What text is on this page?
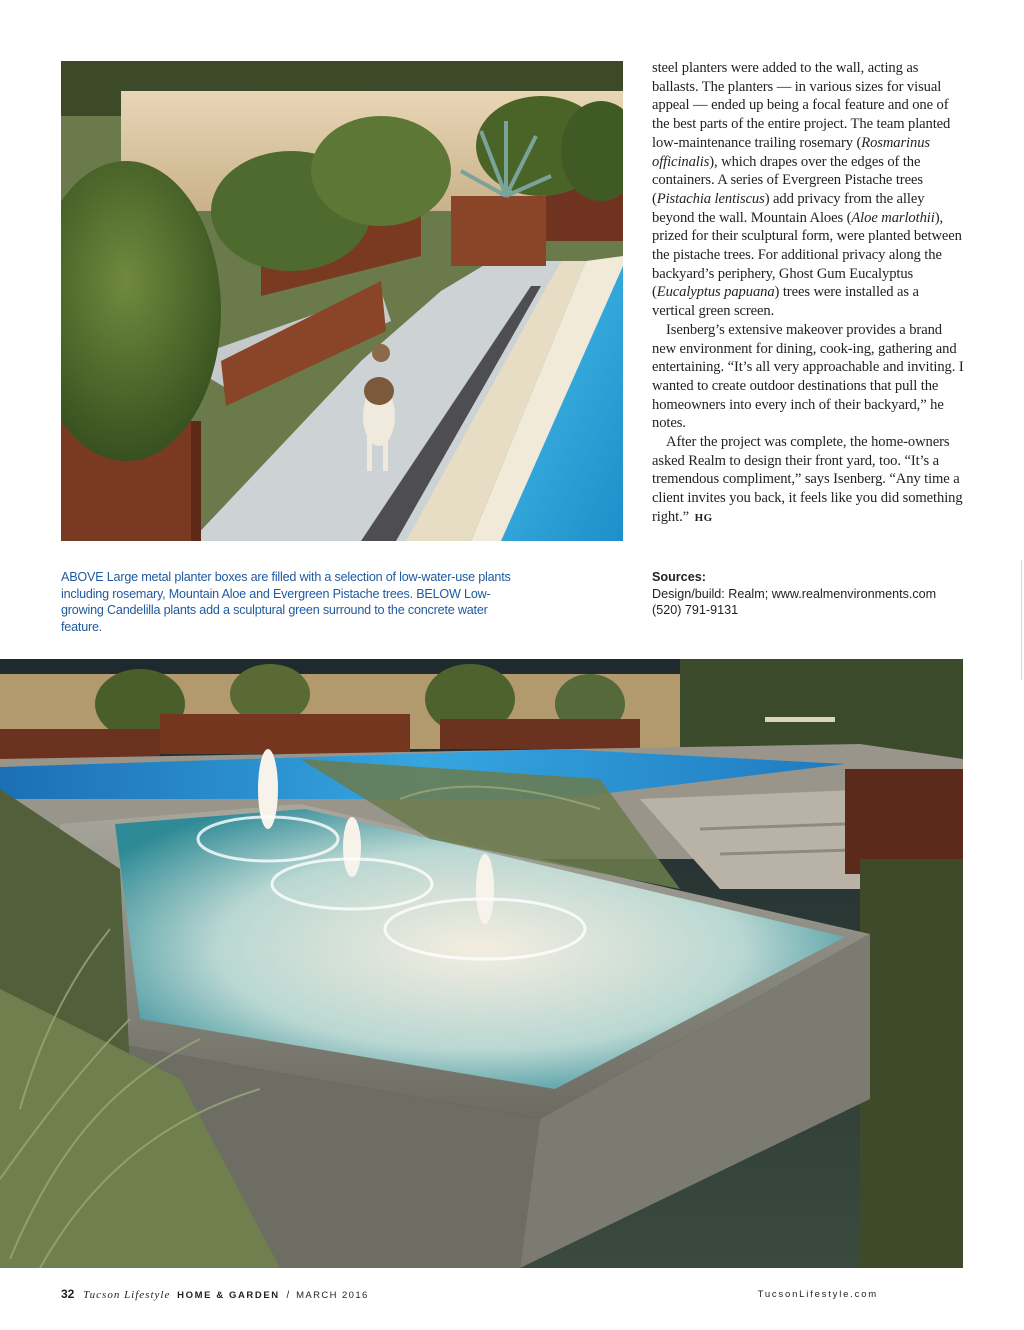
steel planters were added to the wall, acting as ballasts. The planters — in various sizes for visual appeal — ended up being a focal feature and one of the best parts of the entire project. The team planted low-maintenance trailing rosemary (Rosmarinus officinalis), which drapes over the edges of the containers. A series of Evergreen Pistache trees (Pistachia lentiscus) add privacy from the alley beyond the wall. Mountain Aloes (Aloe marlothii), prized for their sculptural form, were planted between the pistache trees. For additional privacy along the backyard’s periphery, Ghost Gum Eucalyptus (Eucalyptus papuana) trees were installed as a vertical green screen.

Isenberg’s extensive makeover provides a brand new environment for dining, cook-ing, gathering and entertaining. “It’s all very approachable and inviting. I wanted to create outdoor destinations that pull the homeowners into every inch of their backyard,” he notes.

After the project was complete, the home-owners asked Realm to design their front yard, too. “It’s a tremendous compliment,” says Isenberg. “Any time a client invites you back, it feels like you did something right.” HG

ABOVE Large metal planter boxes are filled with a selection of low-water-use plants including rosemary, Mountain Aloe and Evergreen Pistache trees. BELOW Low-growing Candelilla plants add a sculptural green surround to the concrete water feature.

Sources:
Design/build: Realm; www.realmenvironments.com
(520) 791-9131
32 Tucson Lifestyle HOME & GARDEN / MARCH 2016	TucsonLifestyle.com
